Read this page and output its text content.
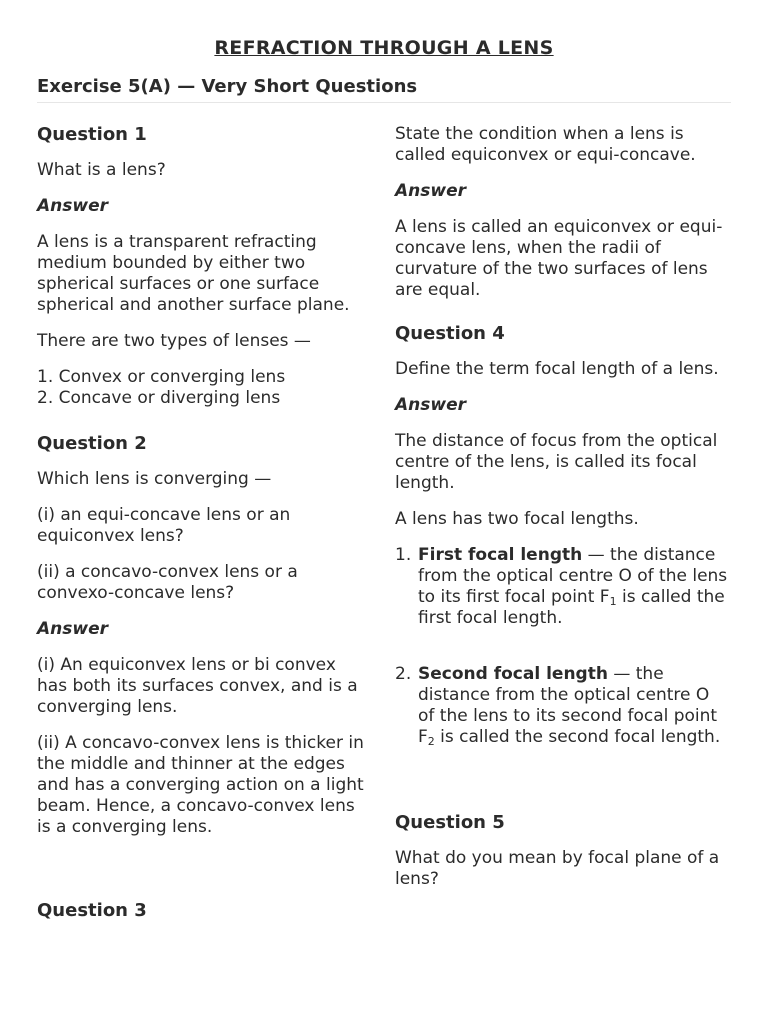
REFRACTION THROUGH A LENS
Exercise 5(A) — Very Short Questions
Question 1

What is a lens?

Answer

A lens is a transparent refracting medium bounded by either two spherical surfaces or one surface spherical and another surface plane.

There are two types of lenses —

1. Convex or converging lens
2. Concave or diverging lens
Question 2

Which lens is converging —

(i) an equi-concave lens or an equiconvex lens?

(ii) a concavo-convex lens or a convexo-concave lens?

Answer

(i) An equiconvex lens or bi convex has both its surfaces convex, and is a converging lens.

(ii) A concavo-convex lens is thicker in the middle and thinner at the edges and has a converging action on a light beam. Hence, a concavo-convex lens is a converging lens.

Question 3

State the condition when a lens is called equiconvex or equi-concave.

Answer

A lens is called an equiconvex or equi-concave lens, when the radii of curvature of the two surfaces of lens are equal.

Question 4

Define the term focal length of a lens.

Answer

The distance of focus from the optical centre of the lens, is called its focal length.

A lens has two focal lengths.

1. First focal length — the distance from the optical centre O of the lens to its first focal point $F_1$ is called the first focal length.
2. Second focal length — the distance from the optical centre O of the lens to its second focal point $F_2$ is called the second focal length.
Question 5

What do you mean by focal plane of a lens?
